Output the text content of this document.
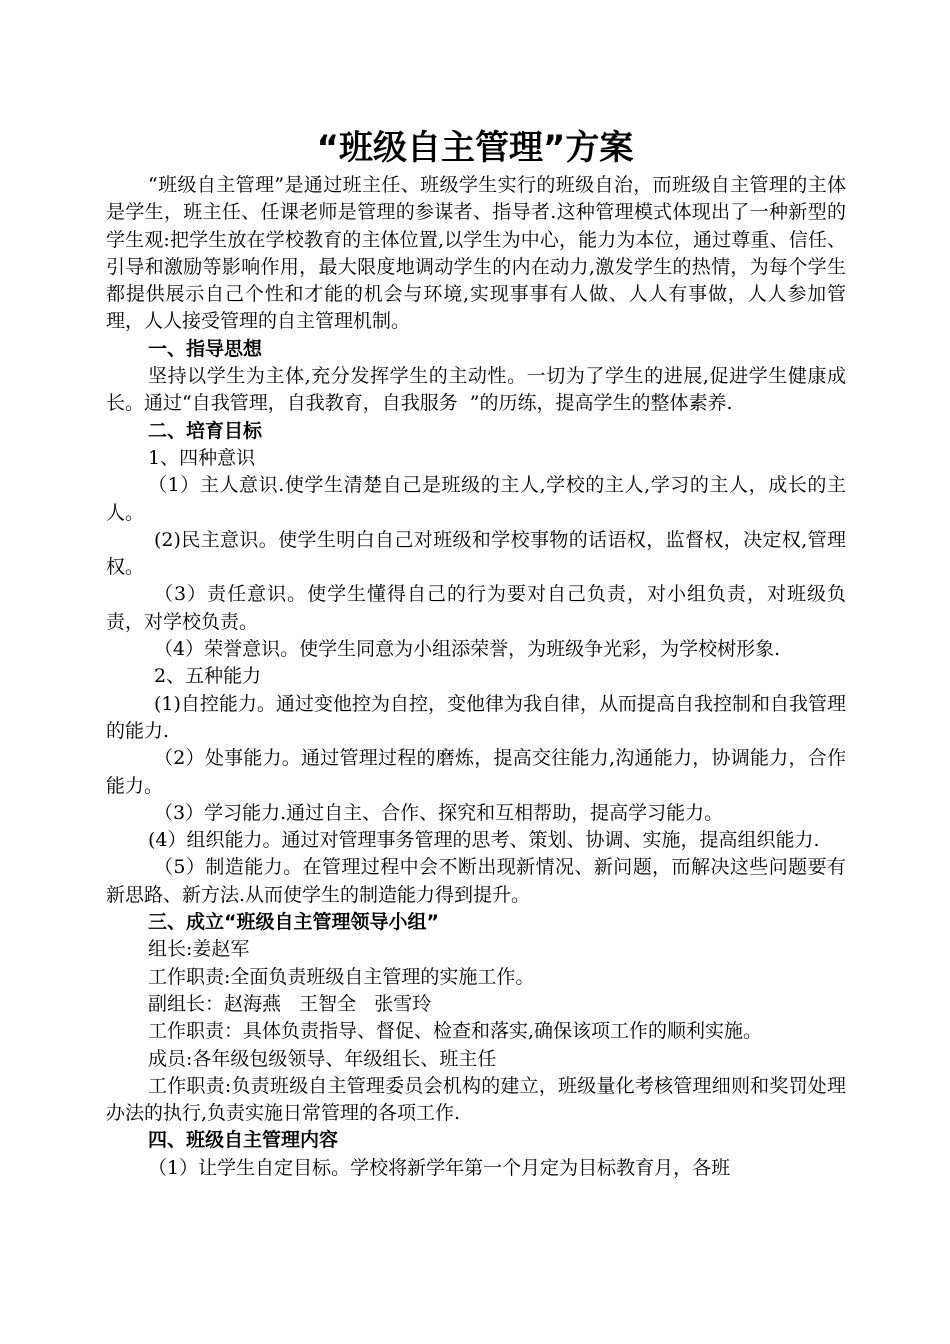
“班级自主管理”方案

“班级自主管理”是通过班主任、班级学生实行的班级自治，而班级自主管理的主体是学生，班主任、任课老师是管理的参谋者、指导者.这种管理模式体现出了一种新型的学生观:把学生放在学校教育的主体位置,以学生为中心，能力为本位，通过尊重、信任、引导和激励等影响作用，最大限度地调动学生的内在动力,激发学生的热情，为每个学生都提供展示自己个性和才能的机会与环境,实现事事有人做、人人有事做，人人参加管理，人人接受管理的自主管理机制。

一、指导思想

坚持以学生为主体,充分发挥学生的主动性。一切为了学生的进展,促进学生健康成长。通过“自我管理，自我教育，自我服务  ”的历练，提高学生的整体素养.

二、培育目标

1、四种意识

（1）主人意识.使学生清楚自己是班级的主人,学校的主人,学习的主人，成长的主人。

(2)民主意识。使学生明白自己对班级和学校事物的话语权，监督权，决定权,管理权。

（3）责任意识。使学生懂得自己的行为要对自己负责，对小组负责，对班级负责，对学校负责。

（4）荣誉意识。使学生同意为小组添荣誉，为班级争光彩，为学校树形象.

2、五种能力

(1)自控能力。通过变他控为自控，变他律为我自律，从而提高自我控制和自我管理的能力.

（2）处事能力。通过管理过程的磨炼，提高交往能力,沟通能力，协调能力，合作能力。

（3）学习能力.通过自主、合作、探究和互相帮助，提高学习能力。

(4）组织能力。通过对管理事务管理的思考、策划、协调、实施，提高组织能力.

（5）制造能力。在管理过程中会不断出现新情况、新问题，而解决这些问题要有新思路、新方法.从而使学生的制造能力得到提升。

三、成立“班级自主管理领导小组”

组长:姜赵军

工作职责:全面负责班级自主管理的实施工作。

副组长：赵海燕   王智全   张雪玲

工作职责：具体负责指导、督促、检查和落实,确保该项工作的顺利实施。

成员:各年级包级领导、年级组长、班主任

工作职责:负责班级自主管理委员会机构的建立，班级量化考核管理细则和奖罚处理办法的执行,负责实施日常管理的各项工作.

四、班级自主管理内容

（1）让学生自定目标。学校将新学年第一个月定为目标教育月，各班
